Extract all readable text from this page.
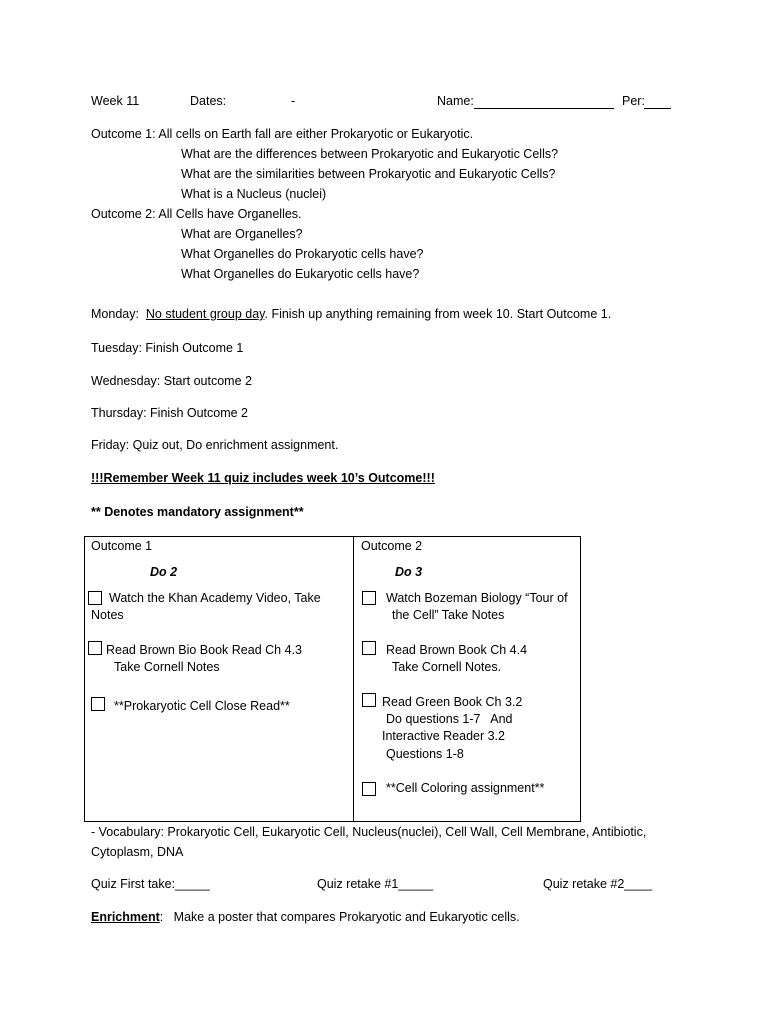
Week 11	Dates:	-	Name:	Per:
Outcome 1: All cells on Earth fall are either Prokaryotic or Eukaryotic.
What are the differences between Prokaryotic and Eukaryotic Cells?
What are the similarities between Prokaryotic and Eukaryotic Cells?
What is a Nucleus (nuclei)
Outcome 2: All Cells have Organelles.
What are Organelles?
What Organelles do Prokaryotic cells have?
What Organelles do Eukaryotic cells have?
Monday:  No student group day. Finish up anything remaining from week 10. Start Outcome 1.
Tuesday: Finish Outcome 1
Wednesday: Start outcome 2
Thursday: Finish Outcome 2
Friday: Quiz out, Do enrichment assignment.
!!!Remember Week 11 quiz includes week 10’s Outcome!!!
** Denotes mandatory assignment**
Outcome 1
Do 2
Watch the Khan Academy Video, Take
Notes
Read Brown Bio Book Read Ch 4.3
Take Cornell Notes
**Prokaryotic Cell Close Read**
Outcome 2
Do 3
Watch Bozeman Biology “Tour of
the Cell” Take Notes
Read Brown Book Ch 4.4
Take Cornell Notes.
Read Green Book Ch 3.2
Do questions 1-7   And
Interactive Reader 3.2
Questions 1-8
**Cell Coloring assignment**
- Vocabulary: Prokaryotic Cell, Eukaryotic Cell, Nucleus(nuclei), Cell Wall, Cell Membrane, Antibiotic,
Cytoplasm, DNA
Quiz First take:_____	Quiz retake #1_____	Quiz retake #2____
Enrichment:   Make a poster that compares Prokaryotic and Eukaryotic cells.
